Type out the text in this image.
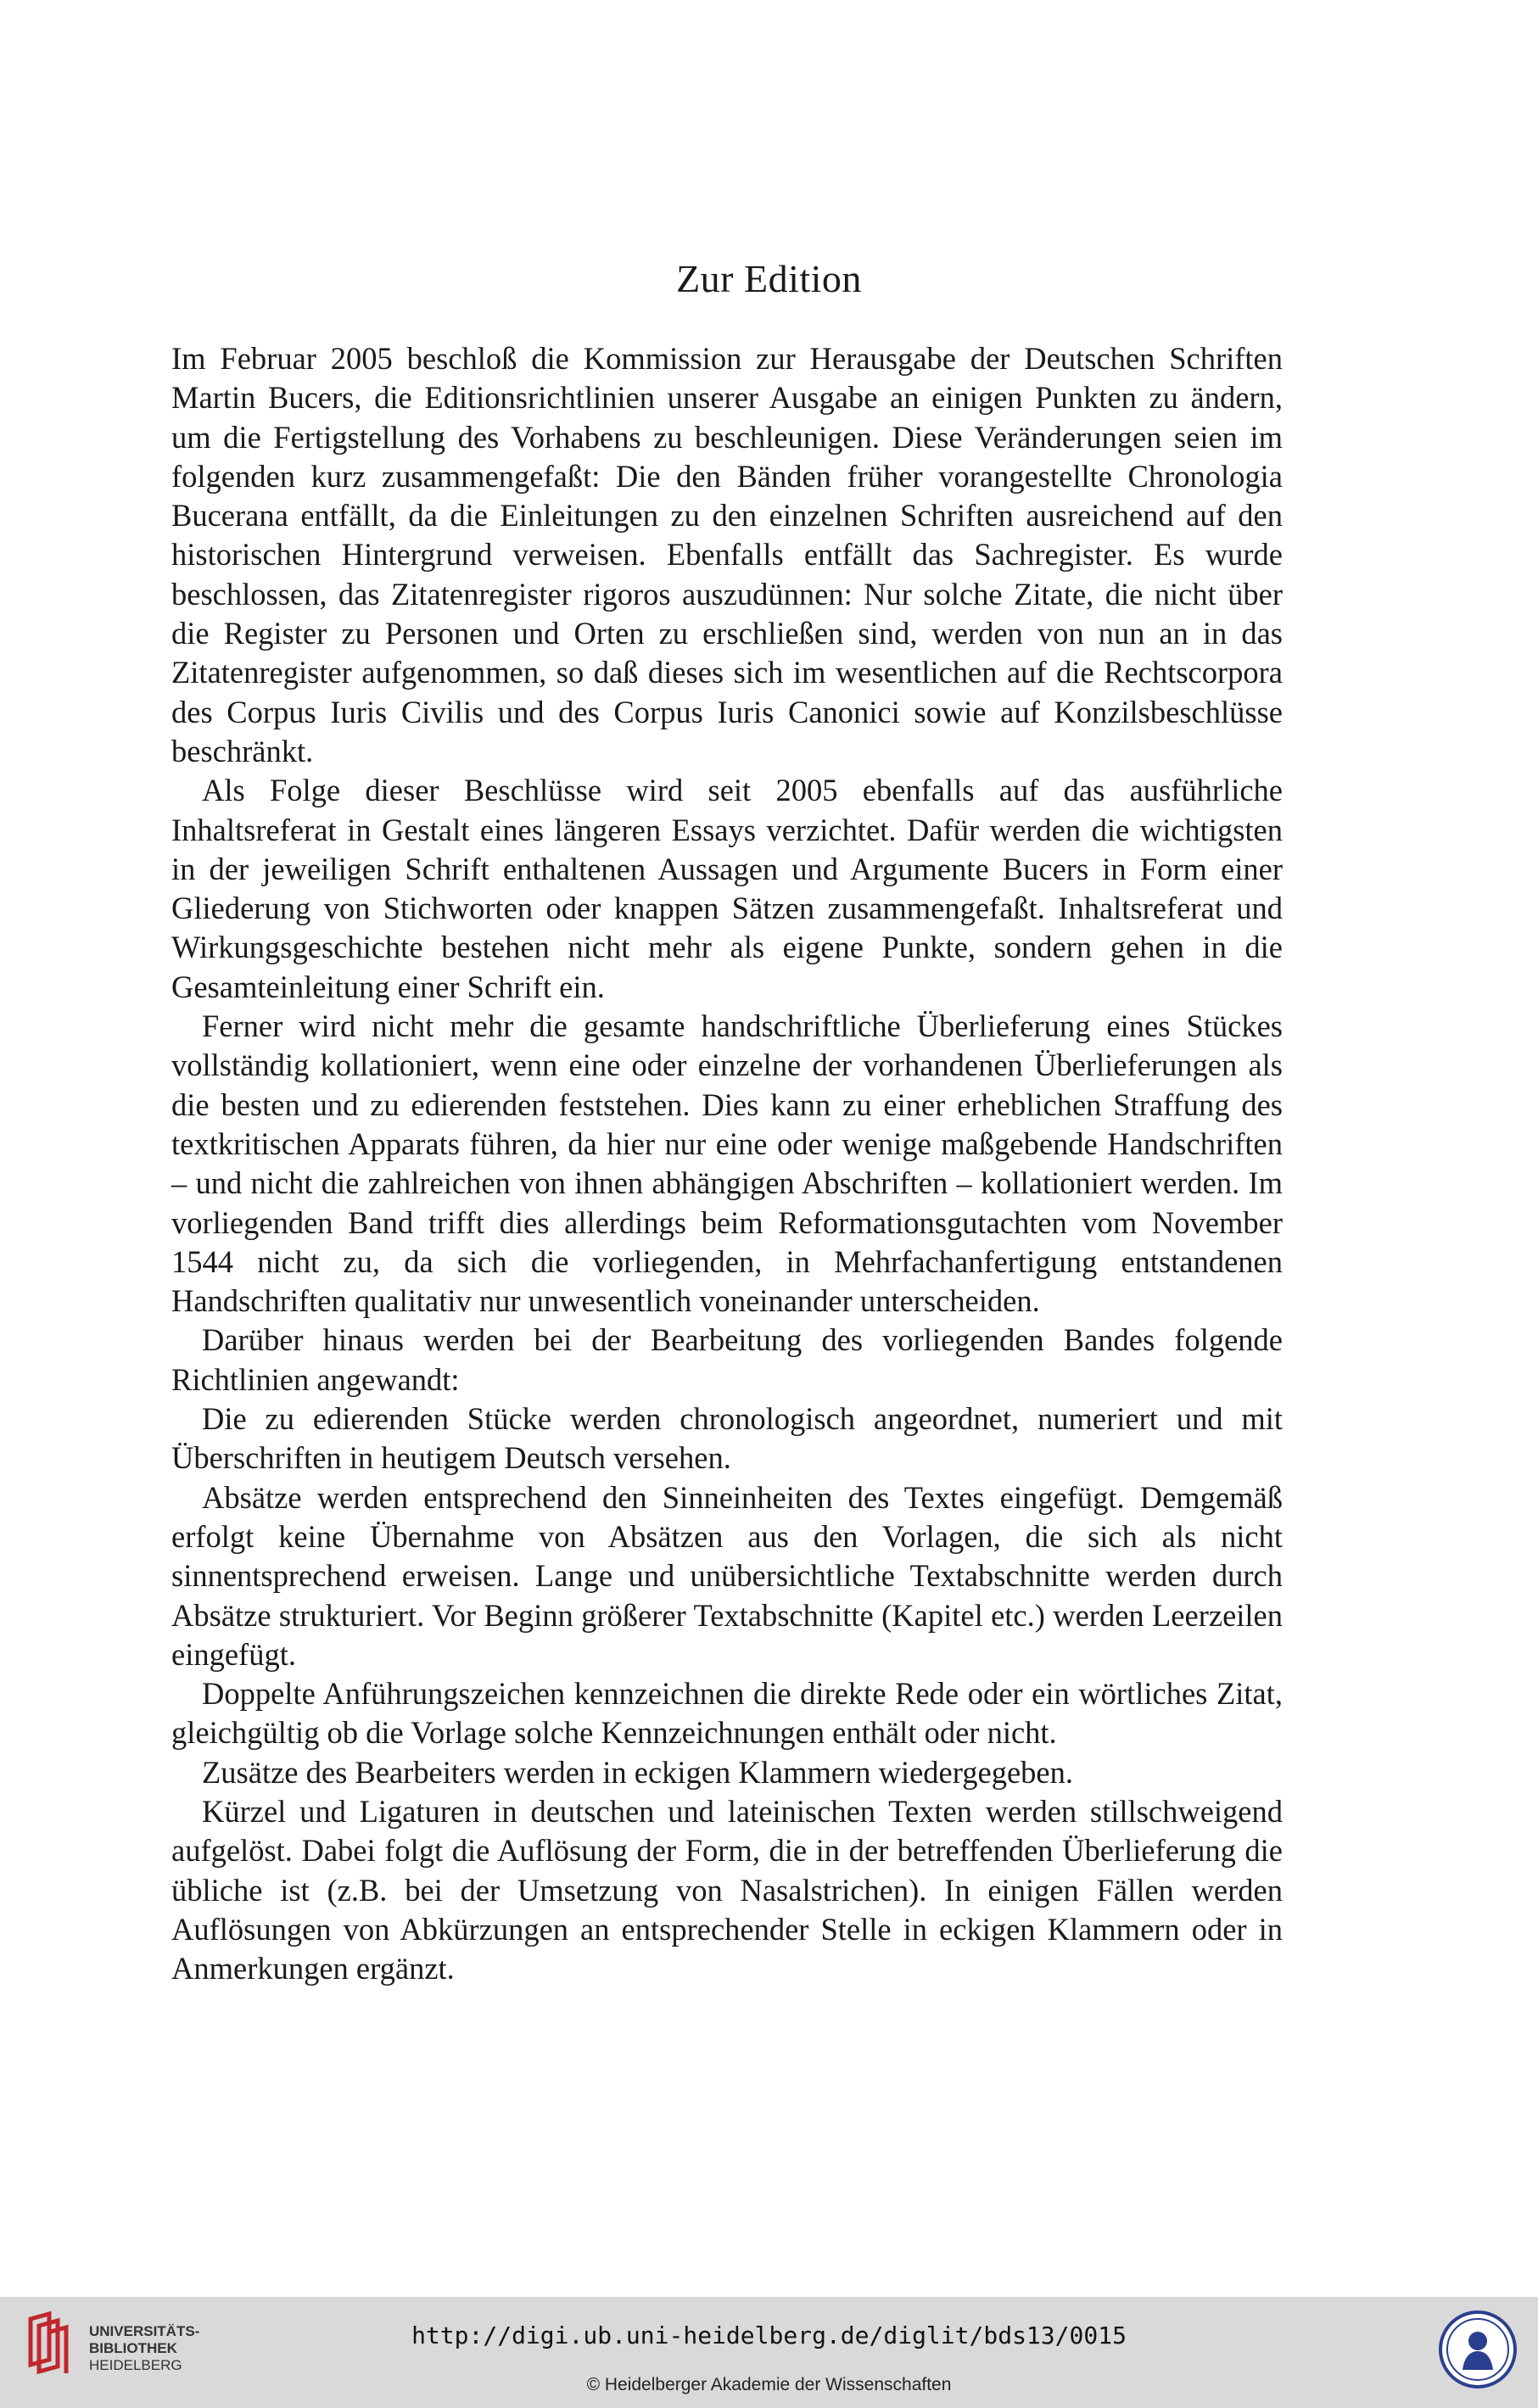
Zur Edition

Im Februar 2005 beschloß die Kommission zur Herausgabe der Deutschen Schriften Martin Bucers, die Editionsrichtlinien unserer Ausgabe an einigen Punkten zu ändern, um die Fertigstellung des Vorhabens zu beschleunigen. Diese Veränderungen seien im folgenden kurz zusammengefaßt: Die den Bänden früher vorangestellte Chronologia Bucerana entfällt, da die Einleitungen zu den einzelnen Schriften ausreichend auf den historischen Hintergrund verweisen. Ebenfalls entfällt das Sachregister. Es wurde beschlossen, das Zitatenregister rigoros auszudünnen: Nur solche Zitate, die nicht über die Register zu Personen und Orten zu erschließen sind, werden von nun an in das Zitatenregister aufgenommen, so daß dieses sich im wesentlichen auf die Rechtscorpora des Corpus Iuris Civilis und des Corpus Iuris Canonici sowie auf Konzilsbeschlüsse beschränkt.

Als Folge dieser Beschlüsse wird seit 2005 ebenfalls auf das ausführliche Inhaltsreferat in Gestalt eines längeren Essays verzichtet. Dafür werden die wichtigsten in der jeweiligen Schrift enthaltenen Aussagen und Argumente Bucers in Form einer Gliederung von Stichworten oder knappen Sätzen zusammengefaßt. Inhaltsreferat und Wirkungsgeschichte bestehen nicht mehr als eigene Punkte, sondern gehen in die Gesamteinleitung einer Schrift ein.

Ferner wird nicht mehr die gesamte handschriftliche Überlieferung eines Stückes vollständig kollationiert, wenn eine oder einzelne der vorhandenen Überlieferungen als die besten und zu edierenden feststehen. Dies kann zu einer erheblichen Straffung des textkritischen Apparats führen, da hier nur eine oder wenige maßgebende Handschriften – und nicht die zahlreichen von ihnen abhängigen Abschriften – kollationiert werden. Im vorliegenden Band trifft dies allerdings beim Reformationsgutachten vom November 1544 nicht zu, da sich die vorliegenden, in Mehrfachanfertigung entstandenen Handschriften qualitativ nur unwesentlich voneinander unterscheiden.

Darüber hinaus werden bei der Bearbeitung des vorliegenden Bandes folgende Richtlinien angewandt:

Die zu edierenden Stücke werden chronologisch angeordnet, numeriert und mit Überschriften in heutigem Deutsch versehen.

Absätze werden entsprechend den Sinneinheiten des Textes eingefügt. Demgemäß erfolgt keine Übernahme von Absätzen aus den Vorlagen, die sich als nicht sinnentsprechend erweisen. Lange und unübersichtliche Textabschnitte werden durch Absätze strukturiert. Vor Beginn größerer Textabschnitte (Kapitel etc.) werden Leerzeilen eingefügt.

Doppelte Anführungszeichen kennzeichnen die direkte Rede oder ein wörtliches Zitat, gleichgültig ob die Vorlage solche Kennzeichnungen enthält oder nicht.

Zusätze des Bearbeiters werden in eckigen Klammern wiedergegeben.

Kürzel und Ligaturen in deutschen und lateinischen Texten werden stillschweigend aufgelöst. Dabei folgt die Auflösung der Form, die in der betreffenden Überlieferung die übliche ist (z.B. bei der Umsetzung von Nasalstrichen). In einigen Fällen werden Auflösungen von Abkürzungen an entsprechender Stelle in eckigen Klammern oder in Anmerkungen ergänzt.

UNIVERSITÄTS-
BIBLIOTHEK
HEIDELBERG
http://digi.ub.uni-heidelberg.de/diglit/bds13/0015
© Heidelberger Akademie der Wissenschaften
